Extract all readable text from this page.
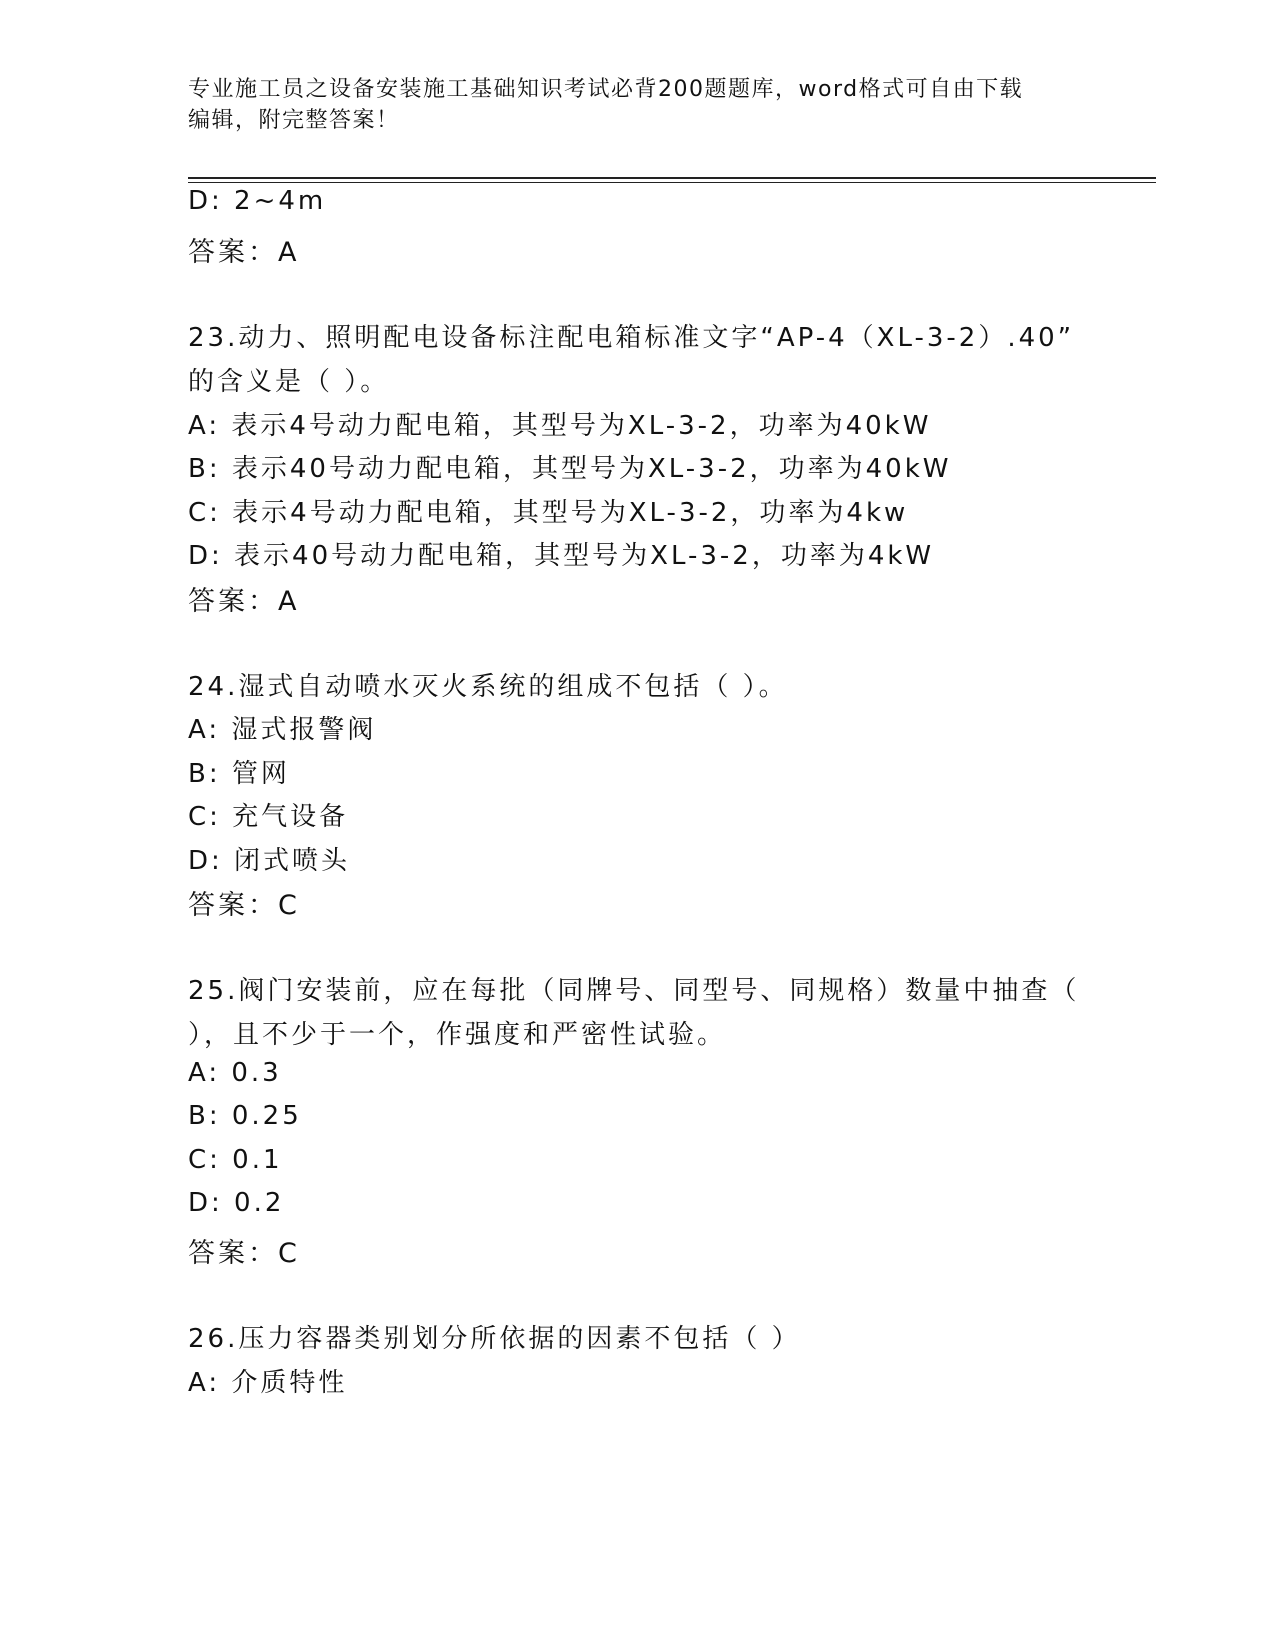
专业施工员之设备安装施工基础知识考试必背200题题库，word格式可自由下载
编辑，附完整答案！
D: 2~4m
答案：A
23.动力、照明配电设备标注配电箱标准文字“AP-4（XL-3-2）.40”
的含义是（ ）。
A: 表示4号动力配电箱，其型号为XL-3-2，功率为40kW
B: 表示40号动力配电箱，其型号为XL-3-2，功率为40kW
C: 表示4号动力配电箱，其型号为XL-3-2，功率为4kw
D: 表示40号动力配电箱，其型号为XL-3-2，功率为4kW
答案：A
24.湿式自动喷水灭火系统的组成不包括（ ）。
A: 湿式报警阀
B: 管网
C: 充气设备
D: 闭式喷头
答案：C
25.阀门安装前，应在每批（同牌号、同型号、同规格）数量中抽查（
），且不少于一个，作强度和严密性试验。
A: 0.3
B: 0.25
C: 0.1
D: 0.2
答案：C
26.压力容器类别划分所依据的因素不包括（ ）
A: 介质特性
